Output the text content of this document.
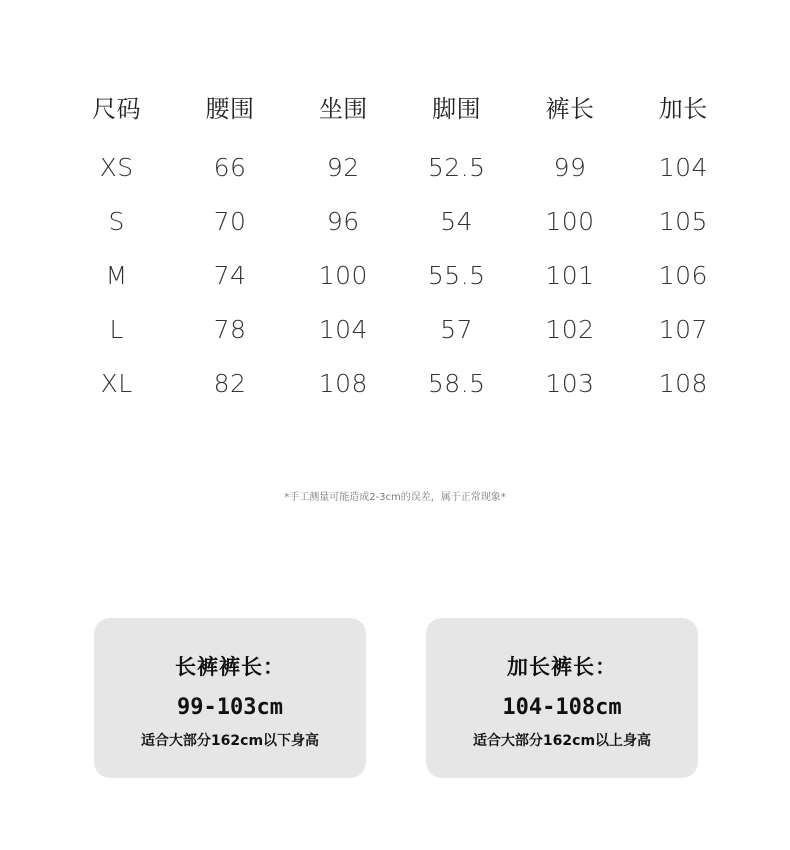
尺码	腰围	坐围	脚围	裤长	加长
XS	66	92	52.5	99	104
S	70	96	54	100	105
M	74	100	55.5	101	106
L	78	104	57	102	107
XL	82	108	58.5	103	108
*手工测量可能造成2-3cm的误差，属于正常现象*
长裤裤长：
99-103cm
适合大部分162cm以下身高
加长裤长：
104-108cm
适合大部分162cm以上身高
